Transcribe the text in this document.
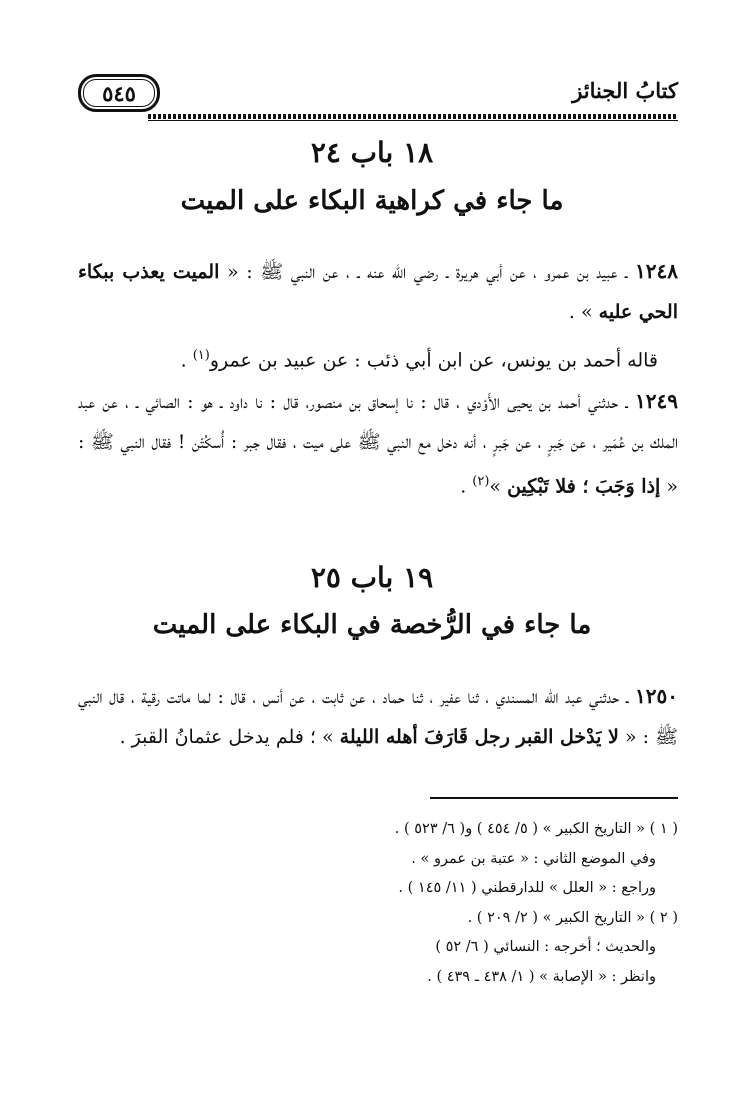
٥٤٥	كتابُ الجنائز
١٨ باب ٢٤
ما جاء في كراهية البكاء على الميت
١٢٤٨ ـ عبيد بن عمرو ، عن أبي هريرة ـ رضي الله عنه ـ ، عن النبي ﷺ : « الميت يعذب ببكاء الحي عليه » .
قاله أحمد بن يونس، عن ابن أبي ذئب : عن عبيد بن عمرو$^{(١)}$ .
١٢٤٩ ـ حدثني أحمد بن يحيى الأَوْدي ، قال : نا إسحاق بن منصور، قال : نا داود ـ هو : الصائي ـ ، عن عبد الملك بن عُمَير ، عن جَبرٍ ، عن جَبرٍ ، أنه دخل مع النبي ﷺ على ميت ، فقال جبر : أُسكُتْن ! فقال النبي ﷺ : « إذا وَجَبَ ؛ فلا تَبْكِين »$^{(٢)}$ .
١٩ باب ٢٥
ما جاء في الرُّخصة في البكاء على الميت
١٢٥٠ ـ حدثني عبد الله المسندي ، ثنا عفير ، ثنا حماد ، عن ثابت ، عن أنس ، قال : لما ماتت رقية ، قال النبي ﷺ : « لا يَدْخل القبر رجل قَارَفَ أهله الليلة » ؛ فلم يدخل عثمانُ القبرَ .
( ١ ) « التاريخ الكبير » ( ٥/ ٤٥٤ ) و( ٦/ ٥٢٣ ) .
وفي الموضع الثاني : « عتبة بن عمرو » .
وراجع : « العلل » للدارقطني ( ١١/ ١٤٥ ) .
( ٢ ) « التاريخ الكبير » ( ٢/ ٢٠٩ ) .
والحديث ؛ أخرجه : النسائي ( ٦/ ٥٢ )
وانظر : « الإصابة » ( ١/ ٤٣٨ ـ ٤٣٩ ) .
